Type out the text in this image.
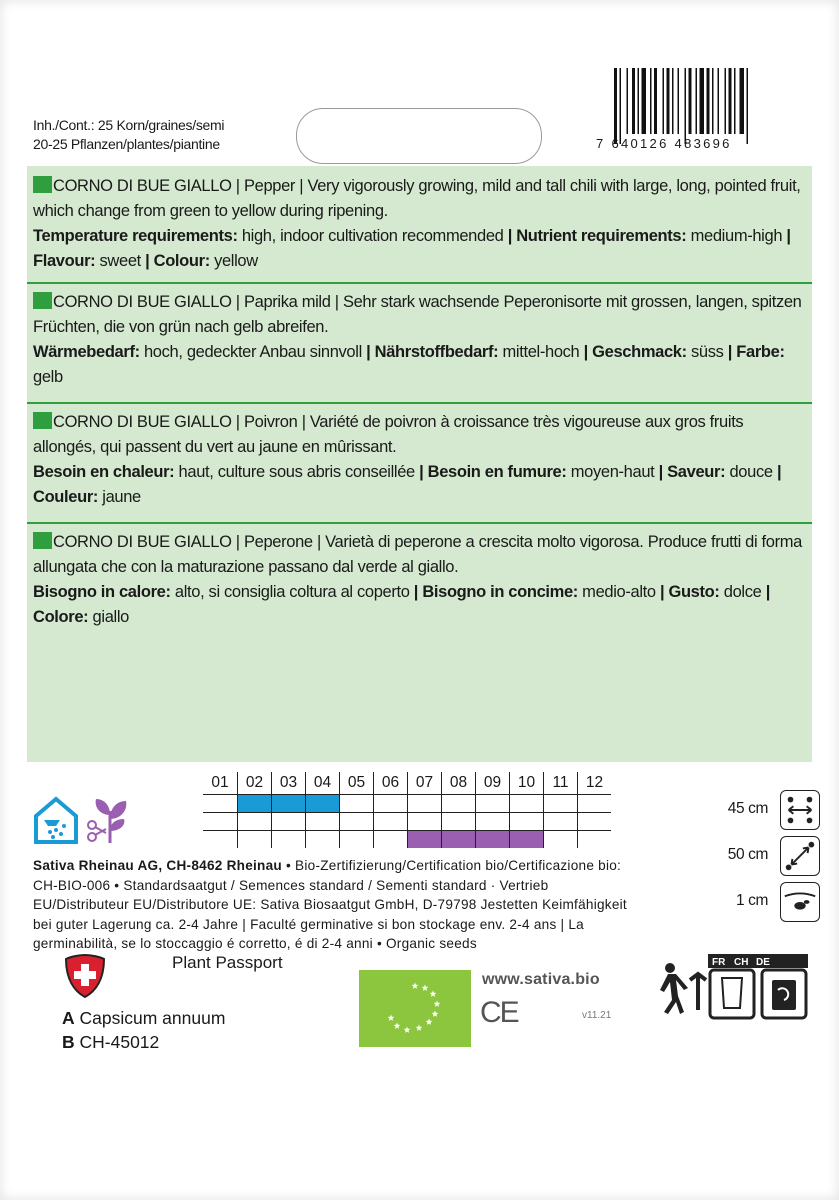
Inh./Cont.: 25 Korn/graines/semi
20-25 Pflanzen/plantes/piantine	7 640126 483696
CORNO DI BUE GIALLO | Pepper | Very vigorously growing, mild and tall chili with large, long, pointed fruit, which change from green to yellow during ripening.
Temperature requirements: high, indoor cultivation recommended | Nutrient requirements: medium-high | Flavour: sweet | Colour: yellow
CORNO DI BUE GIALLO | Paprika mild | Sehr stark wachsende Peperonisorte mit grossen, langen, spitzen Früchten, die von grün nach gelb abreifen.
Wärmebedarf: hoch, gedeckter Anbau sinnvoll | Nährstoffbedarf: mittel-hoch | Geschmack: süss | Farbe: gelb
CORNO DI BUE GIALLO | Poivron | Variété de poivron à croissance très vigoureuse aux gros fruits allongés, qui passent du vert au jaune en mûrissant.
Besoin en chaleur: haut, culture sous abris conseillée | Besoin en fumure: moyen-haut | Saveur: douce | Couleur: jaune
CORNO DI BUE GIALLO | Peperone | Varietà di peperone a crescita molto vigorosa. Produce frutti di forma allungata che con la maturazione passano dal verde al giallo.
Bisogno in calore: alto, si consiglia coltura al coperto | Bisogno in concime: medio-alto | Gusto: dolce | Colore: giallo
01	02	03	04	05	06	07	08	09	10	11	12
45 cm
50 cm
1 cm
Sativa Rheinau AG, CH-8462 Rheinau • Bio-Zertifizierung/Certification bio/Certificazione bio: CH-BIO-006 • Standardsaatgut / Semences standard / Sementi standard · Vertrieb EU/Distributeur EU/Distributore UE: Sativa Biosaatgut GmbH, D-79798 Jestetten Keimfähigkeit bei guter Lagerung ca. 2-4 Jahre | Faculté germinative si bon stockage env. 2-4 ans | La germinabilità, se lo stoccaggio é corretto, é di 2-4 anni • Organic seeds
Plant Passport
A Capsicum annuum
B CH-45012
www.sativa.bio
CE	v11.21
FR CH DE
